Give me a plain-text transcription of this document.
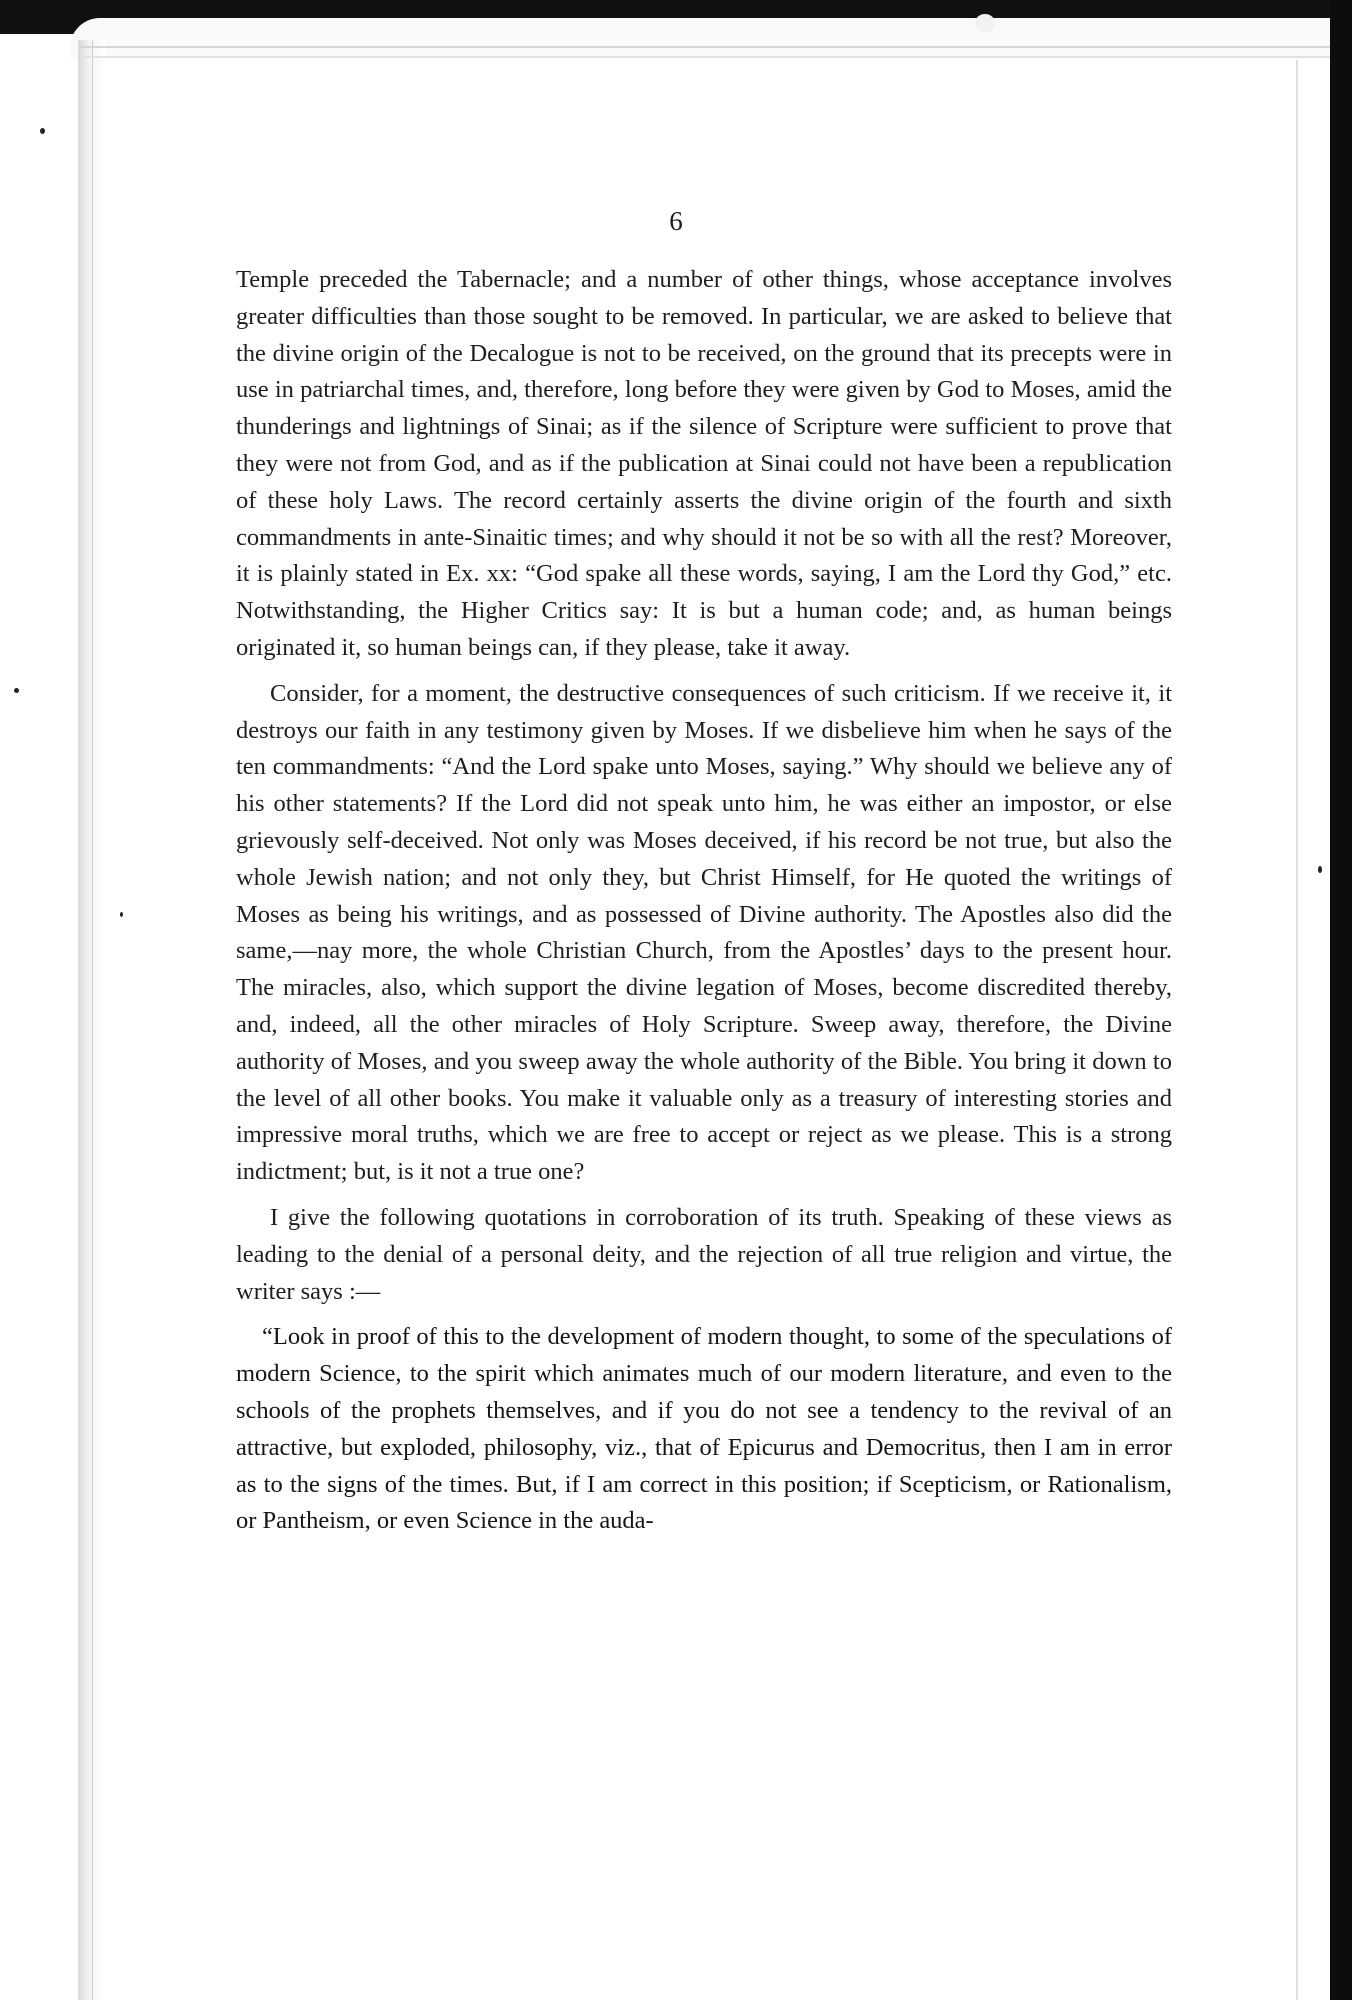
6

Temple preceded the Tabernacle; and a number of other things, whose acceptance involves greater difficulties than those sought to be removed. In particular, we are asked to believe that the divine origin of the Decalogue is not to be received, on the ground that its precepts were in use in patriarchal times, and, therefore, long before they were given by God to Moses, amid the thunderings and lightnings of Sinai; as if the silence of Scripture were sufficient to prove that they were not from God, and as if the publication at Sinai could not have been a republication of these holy Laws. The record certainly asserts the divine origin of the fourth and sixth commandments in ante-Sinaitic times; and why should it not be so with all the rest? Moreover, it is plainly stated in Ex. xx: “God spake all these words, saying, I am the Lord thy God,” etc. Notwithstanding, the Higher Critics say: It is but a human code; and, as human beings originated it, so human beings can, if they please, take it away.

Consider, for a moment, the destructive consequences of such criticism. If we receive it, it destroys our faith in any testimony given by Moses. If we disbelieve him when he says of the ten commandments: “And the Lord spake unto Moses, saying.” Why should we believe any of his other statements? If the Lord did not speak unto him, he was either an impostor, or else grievously self-deceived. Not only was Moses deceived, if his record be not true, but also the whole Jewish nation; and not only they, but Christ Himself, for He quoted the writings of Moses as being his writings, and as possessed of Divine authority. The Apostles also did the same,—nay more, the whole Christian Church, from the Apostles’ days to the present hour. The miracles, also, which support the divine legation of Moses, become discredited thereby, and, indeed, all the other miracles of Holy Scripture. Sweep away, therefore, the Divine authority of Moses, and you sweep away the whole authority of the Bible. You bring it down to the level of all other books. You make it valuable only as a treasury of interesting stories and impressive moral truths, which we are free to accept or reject as we please. This is a strong indictment; but, is it not a true one?

I give the following quotations in corroboration of its truth. Speaking of these views as leading to the denial of a personal deity, and the rejection of all true religion and virtue, the writer says :—

“Look in proof of this to the development of modern thought, to some of the speculations of modern Science, to the spirit which animates much of our modern literature, and even to the schools of the prophets themselves, and if you do not see a tendency to the revival of an attractive, but exploded, philosophy, viz., that of Epicurus and Democritus, then I am in error as to the signs of the times. But, if I am correct in this position; if Scepticism, or Rationalism, or Pantheism, or even Science in the auda-
